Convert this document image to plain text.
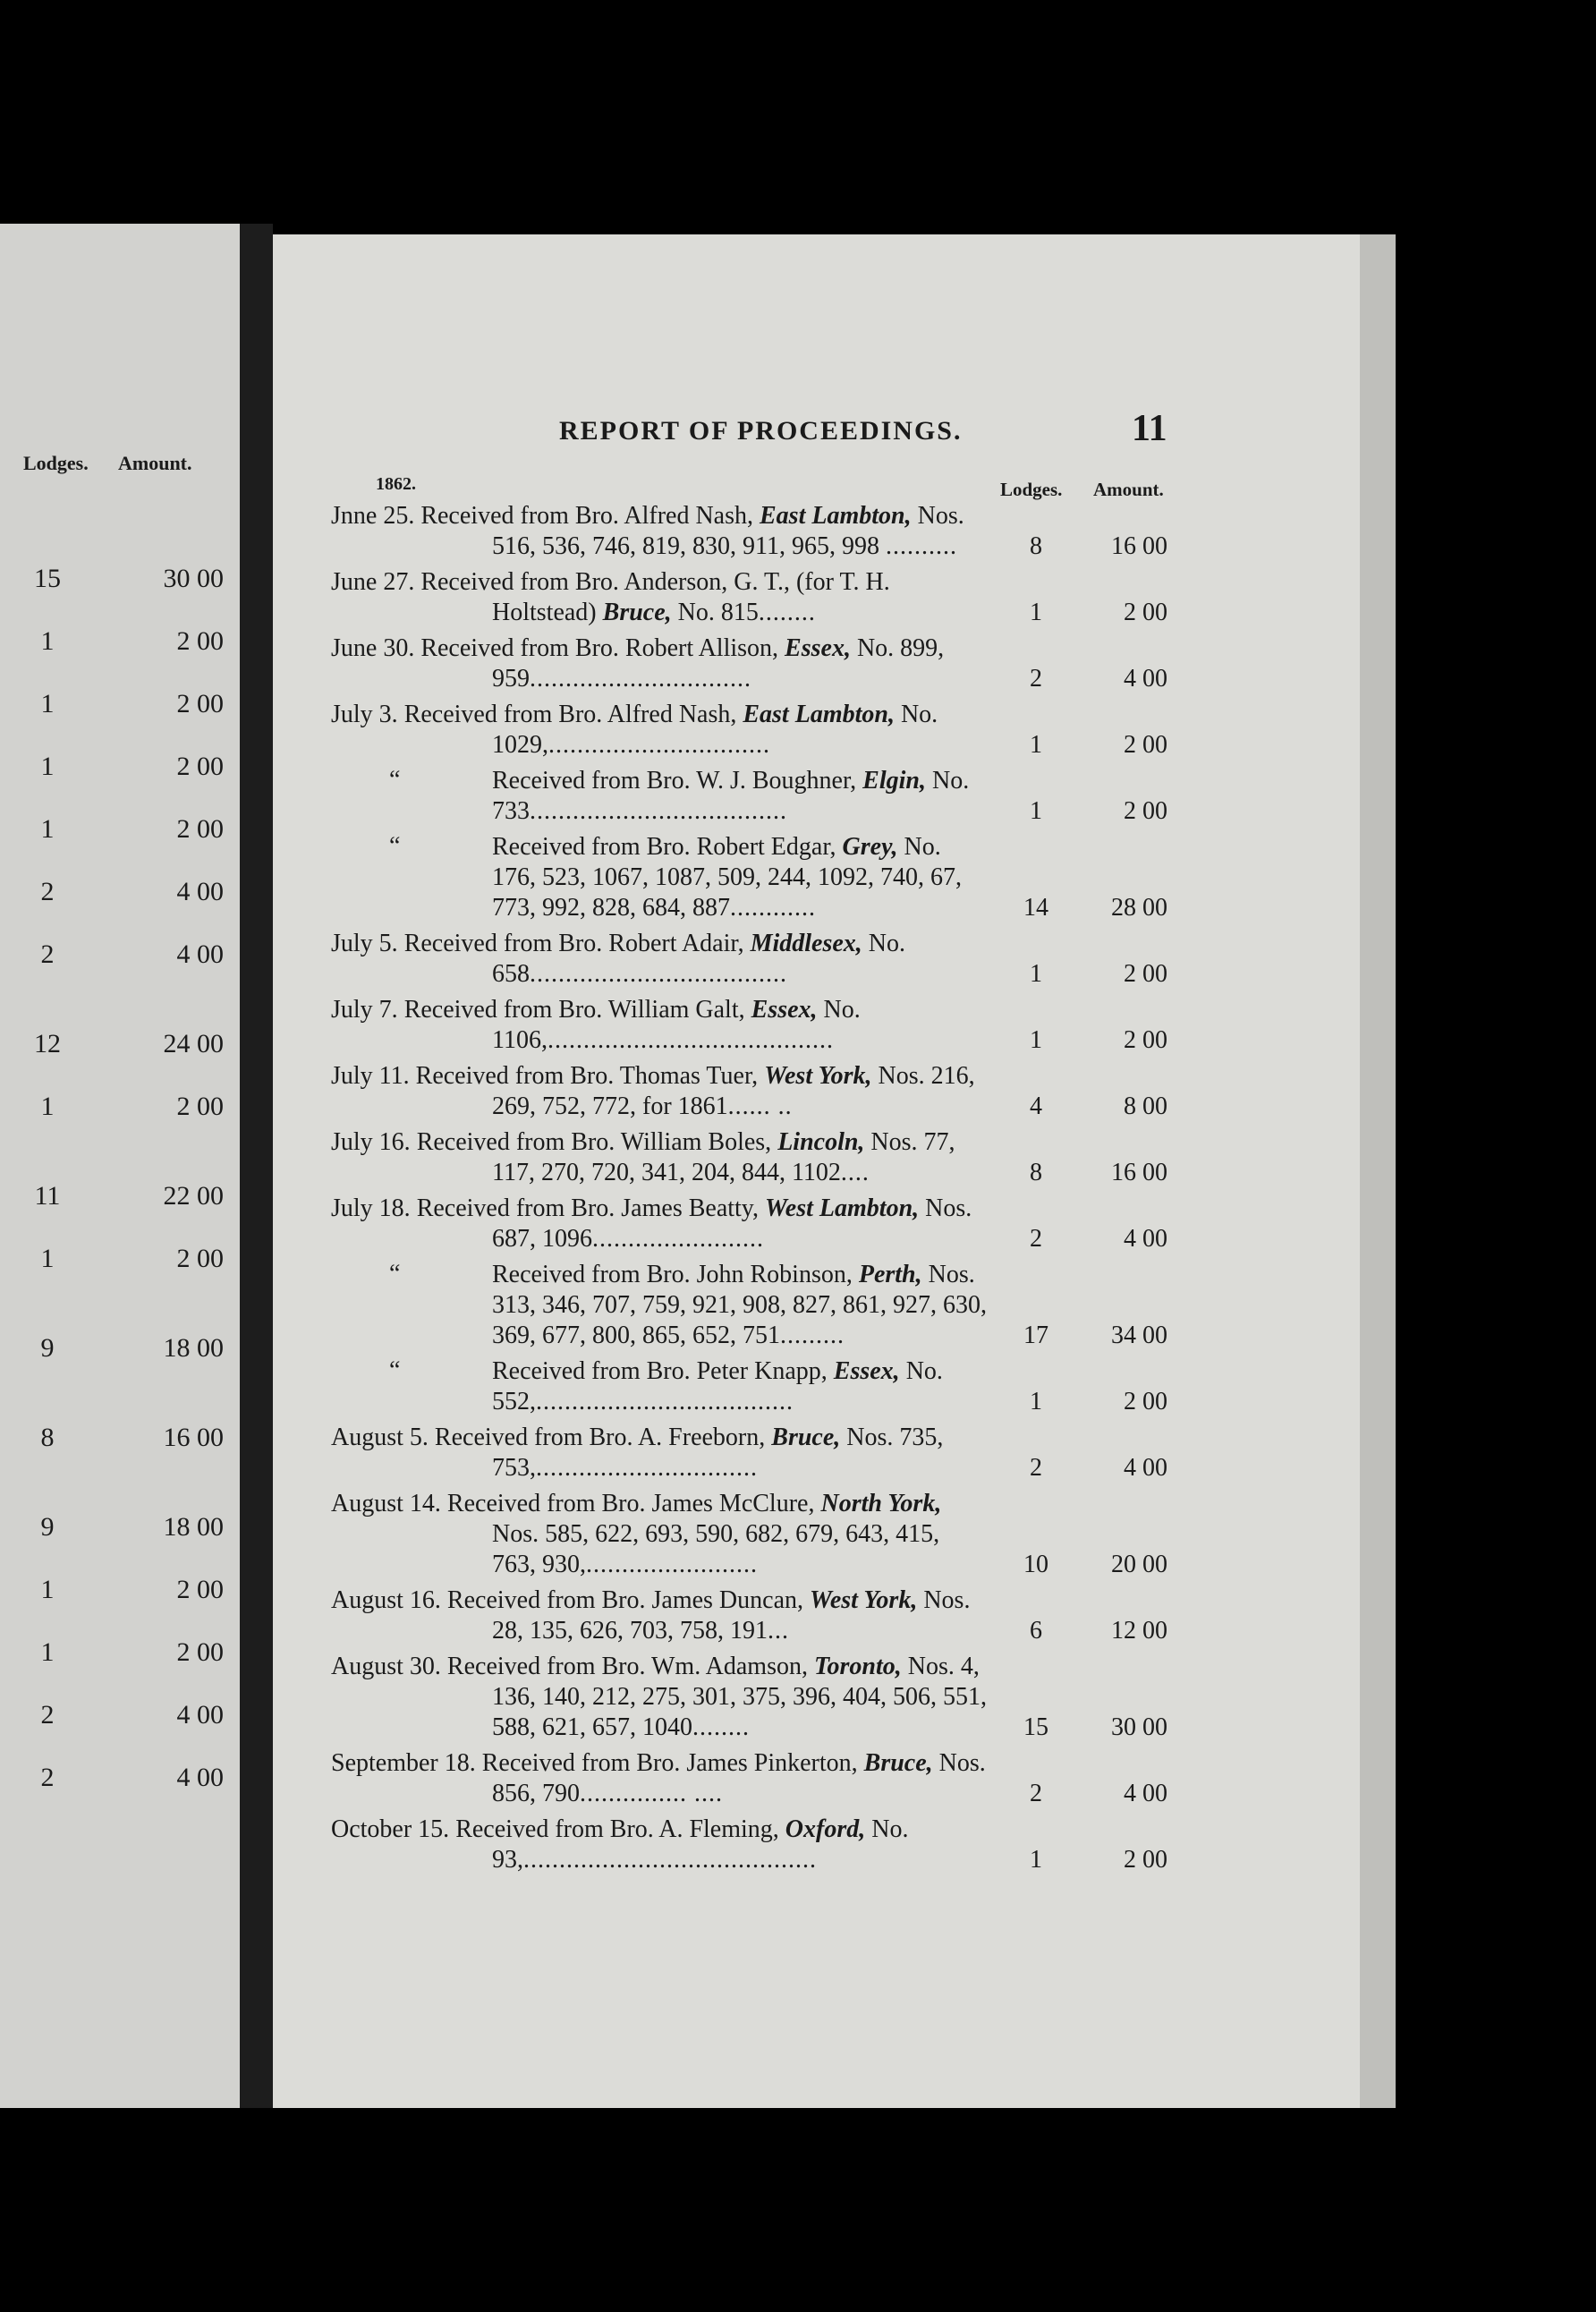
Lodges. Amount.
15	30 00
1	2 00
1	2 00
1	2 00
1	2 00
2	4 00
2	4 00
12	24 00
1	2 00
11	22 00
1	2 00
9	18 00
8	16 00
9	18 00
1	2 00
1	2 00
2	4 00
2	4 00
REPORT OF PROCEEDINGS.	11
1862.	Lodges. Amount.
Jnne 25. Received from Bro. Alfred Nash, East Lambton, Nos. 516, 536, 746, 819, 830, 911, 965, 998 ..........	8	16 00
June 27. Received from Bro. Anderson, G. T., (for T. H. Holtstead) Bruce, No. 815........	1	2 00
June 30. Received from Bro. Robert Allison, Essex, No. 899, 959...............................	2	4 00
July 3. Received from Bro. Alfred Nash, East Lambton, No. 1029,...............................	1	2 00
“	Received from Bro. W. J. Boughner, Elgin, No. 733....................................	1	2 00
“	Received from Bro. Robert Edgar, Grey, No. 176, 523, 1067, 1087, 509, 244, 1092, 740, 67, 773, 992, 828, 684, 887............	14	28 00
July 5. Received from Bro. Robert Adair, Middlesex, No. 658....................................	1	2 00
July 7. Received from Bro. William Galt, Essex, No. 1106,........................................	1	2 00
July 11. Received from Bro. Thomas Tuer, West York, Nos. 216, 269, 752, 772, for 1861...... ..	4	8 00
July 16. Received from Bro. William Boles, Lincoln, Nos. 77, 117, 270, 720, 341, 204, 844, 1102....	8	16 00
July 18. Received from Bro. James Beatty, West Lambton, Nos. 687, 1096........................	2	4 00
“	Received from Bro. John Robinson, Perth, Nos. 313, 346, 707, 759, 921, 908, 827, 861, 927, 630, 369, 677, 800, 865, 652, 751.........	17	34 00
“	Received from Bro. Peter Knapp, Essex, No. 552,....................................	1	2 00
August 5. Received from Bro. A. Freeborn, Bruce, Nos. 735, 753,...............................	2	4 00
August 14. Received from Bro. James McClure, North York, Nos. 585, 622, 693, 590, 682, 679, 643, 415, 763, 930,........................	10	20 00
August 16. Received from Bro. James Duncan, West York, Nos. 28, 135, 626, 703, 758, 191...	6	12 00
August 30. Received from Bro. Wm. Adamson, Toronto, Nos. 4, 136, 140, 212, 275, 301, 375, 396, 404, 506, 551, 588, 621, 657, 1040........	15	30 00
September 18. Received from Bro. James Pinkerton, Bruce, Nos. 856, 790............... ....	2	4 00
October 15. Received from Bro. A. Fleming, Oxford, No. 93,.........................................	1	2 00
